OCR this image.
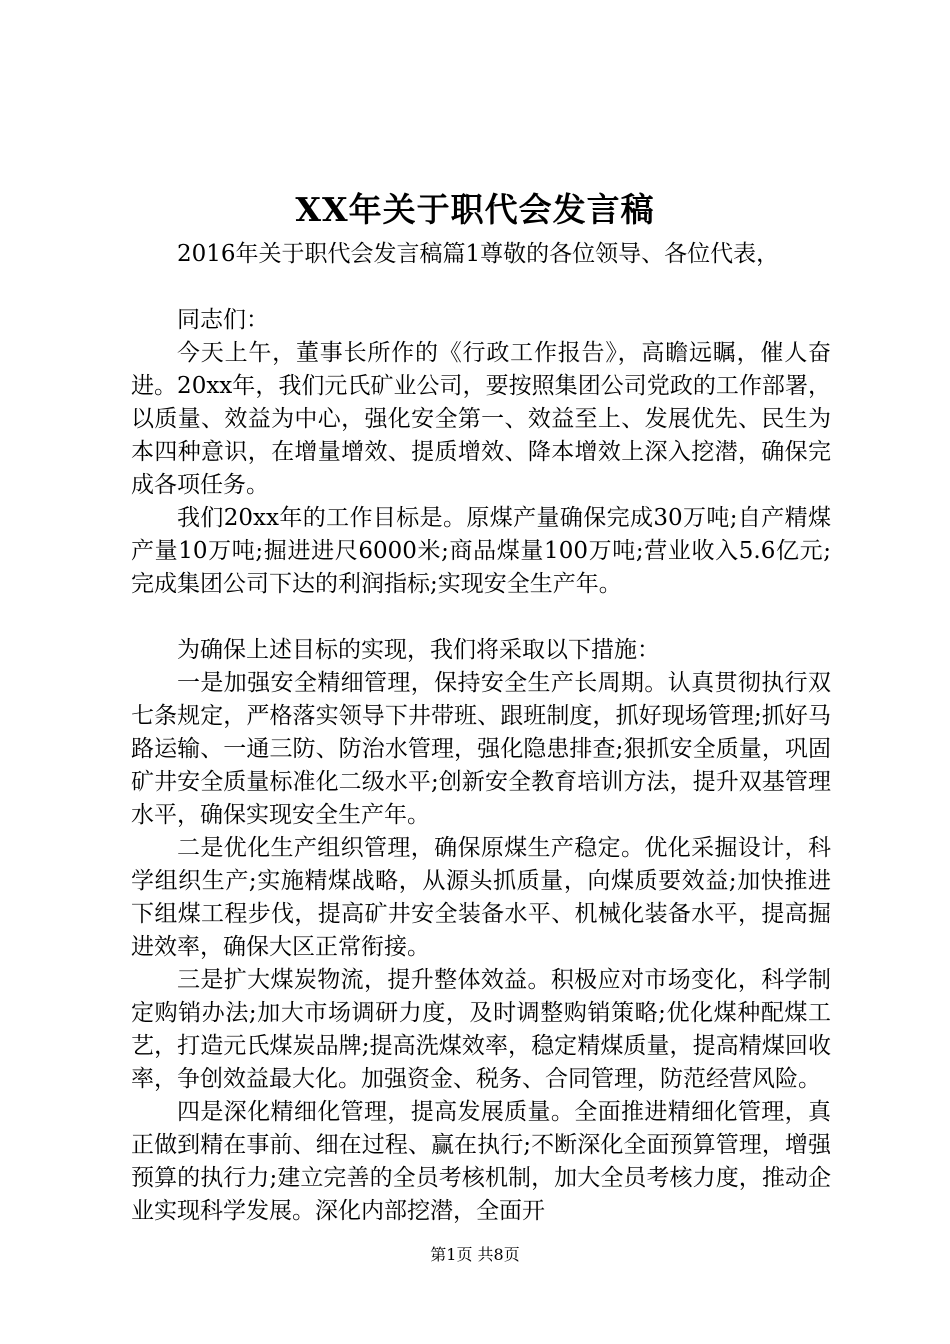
XX年关于职代会发言稿

2016年关于职代会发言稿篇1尊敬的各位领导、各位代表，

同志们：

今天上午，董事长所作的《行政工作报告》，高瞻远瞩，催人奋进。20xx年，我们元氏矿业公司，要按照集团公司党政的工作部署，以质量、效益为中心，强化安全第一、效益至上、发展优先、民生为本四种意识，在增量增效、提质增效、降本增效上深入挖潜，确保完成各项任务。

我们20xx年的工作目标是。原煤产量确保完成30万吨;自产精煤产量10万吨;掘进进尺6000米;商品煤量100万吨;营业收入5.6亿元;完成集团公司下达的利润指标;实现安全生产年。

为确保上述目标的实现，我们将采取以下措施：

一是加强安全精细管理，保持安全生产长周期。认真贯彻执行双七条规定，严格落实领导下井带班、跟班制度，抓好现场管理;抓好马路运输、一通三防、防治水管理，强化隐患排查;狠抓安全质量，巩固矿井安全质量标准化二级水平;创新安全教育培训方法，提升双基管理水平，确保实现安全生产年。

二是优化生产组织管理，确保原煤生产稳定。优化采掘设计，科学组织生产;实施精煤战略，从源头抓质量，向煤质要效益;加快推进下组煤工程步伐，提高矿井安全装备水平、机械化装备水平，提高掘进效率，确保大区正常衔接。

三是扩大煤炭物流，提升整体效益。积极应对市场变化，科学制定购销办法;加大市场调研力度，及时调整购销策略;优化煤种配煤工艺，打造元氏煤炭品牌;提高洗煤效率，稳定精煤质量，提高精煤回收率，争创效益最大化。加强资金、税务、合同管理，防范经营风险。

四是深化精细化管理，提高发展质量。全面推进精细化管理，真正做到精在事前、细在过程、赢在执行;不断深化全面预算管理，增强预算的执行力;建立完善的全员考核机制，加大全员考核力度，推动企业实现科学发展。深化内部挖潜，全面开

第1页 共8页
